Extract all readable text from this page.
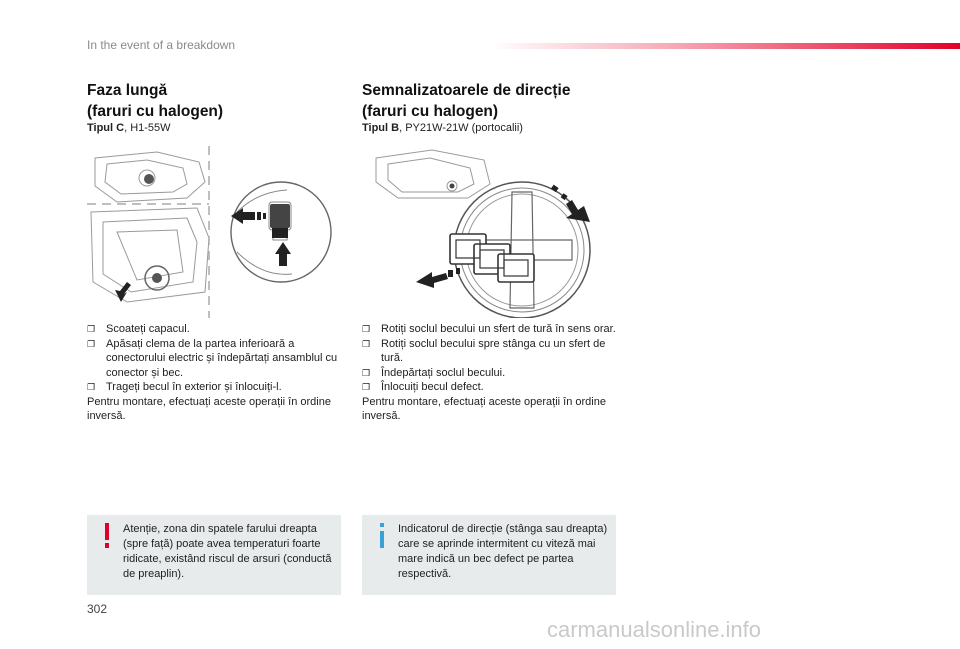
In the event of a breakdown
Faza lungă
(faruri cu halogen)
Tipul C, H1-55W
❐ Scoateți capacul.
❐ Apăsați clema de la partea inferioară a conectorului electric și îndepărtați ansamblul cu conector și bec.
❐ Trageți becul în exterior și înlocuiți-l.
Pentru montare, efectuați aceste operații în ordine inversă.
Atenție, zona din spatele farului dreapta (spre față) poate avea temperaturi foarte ridicate, existând riscul de arsuri (conductă de preaplin).
Semnalizatoarele de direcție
(faruri cu halogen)
Tipul B, PY21W-21W (portocalii)
❐ Rotiți soclul becului un sfert de tură în sens orar.
❐ Rotiți soclul becului spre stânga cu un sfert de tură.
❐ Îndepărtați soclul becului.
❐ Înlocuiți becul defect.
Pentru montare, efectuați aceste operații în ordine inversă.
Indicatorul de direcție (stânga sau dreapta) care se aprinde intermitent cu viteză mai mare indică un bec defect pe partea respectivă.
302
carmanualsonline.info
